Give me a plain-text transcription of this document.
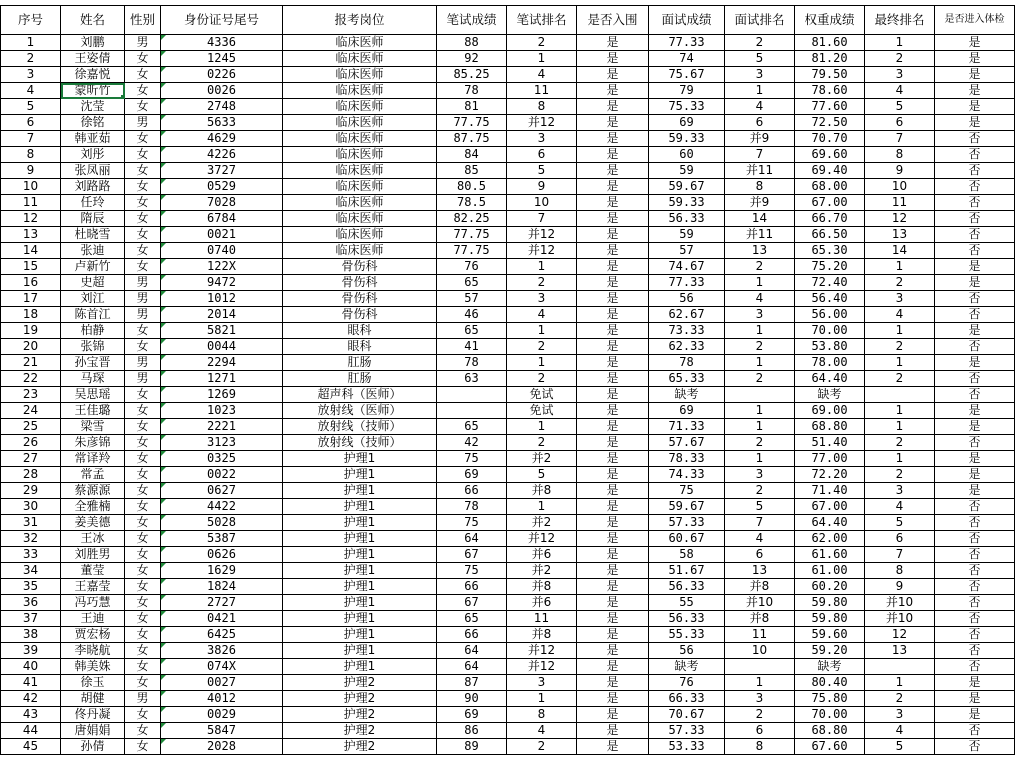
序号	姓名	性别	身份证号尾号	报考岗位	笔试成绩	笔试排名	是否入围	面试成绩	面试排名	权重成绩	最终排名	是否进入体检
1	刘鹏	男	4336	临床医师	88	2	是	77.33	2	81.60	1	是
2	王姿倩	女	1245	临床医师	92	1	是	74	5	81.20	2	是
3	徐嘉悦	女	0226	临床医师	85.25	4	是	75.67	3	79.50	3	是
4	蒙昕竹	女	0026	临床医师	78	11	是	79	1	78.60	4	是
5	沈莹	女	2748	临床医师	81	8	是	75.33	4	77.60	5	是
6	徐铭	男	5633	临床医师	77.75	并12	是	69	6	72.50	6	是
7	韩亚茹	女	4629	临床医师	87.75	3	是	59.33	并9	70.70	7	否
8	刘彤	女	4226	临床医师	84	6	是	60	7	69.60	8	否
9	张凤丽	女	3727	临床医师	85	5	是	59	并11	69.40	9	否
10	刘路路	女	0529	临床医师	80.5	9	是	59.67	8	68.00	10	否
11	任玲	女	7028	临床医师	78.5	10	是	59.33	并9	67.00	11	否
12	隋辰	女	6784	临床医师	82.25	7	是	56.33	14	66.70	12	否
13	杜晓雪	女	0021	临床医师	77.75	并12	是	59	并11	66.50	13	否
14	张迪	女	0740	临床医师	77.75	并12	是	57	13	65.30	14	否
15	卢新竹	女	122X	骨伤科	76	1	是	74.67	2	75.20	1	是
16	史超	男	9472	骨伤科	65	2	是	77.33	1	72.40	2	是
17	刘江	男	1012	骨伤科	57	3	是	56	4	56.40	3	否
18	陈首江	男	2014	骨伤科	46	4	是	62.67	3	56.00	4	否
19	柏静	女	5821	眼科	65	1	是	73.33	1	70.00	1	是
20	张锦	女	0044	眼科	41	2	是	62.33	2	53.80	2	否
21	孙宝晋	男	2294	肛肠	78	1	是	78	1	78.00	1	是
22	马琛	男	1271	肛肠	63	2	是	65.33	2	64.40	2	否
23	吴思瑶	女	1269	超声科（医师）		免试	是	缺考		缺考		否
24	王佳璐	女	1023	放射线（医师）		免试	是	69	1	69.00	1	是
25	梁雪	女	2221	放射线（技师）	65	1	是	71.33	1	68.80	1	是
26	朱彦锦	女	3123	放射线（技师）	42	2	是	57.67	2	51.40	2	否
27	常译羚	女	0325	护理1	75	并2	是	78.33	1	77.00	1	是
28	常孟	女	0022	护理1	69	5	是	74.33	3	72.20	2	是
29	蔡源源	女	0627	护理1	66	并8	是	75	2	71.40	3	是
30	全雅楠	女	4422	护理1	78	1	是	59.67	5	67.00	4	否
31	姜美德	女	5028	护理1	75	并2	是	57.33	7	64.40	5	否
32	王冰	女	5387	护理1	64	并12	是	60.67	4	62.00	6	否
33	刘胜男	女	0626	护理1	67	并6	是	58	6	61.60	7	否
34	董莹	女	1629	护理1	75	并2	是	51.67	13	61.00	8	否
35	王嘉莹	女	1824	护理1	66	并8	是	56.33	并8	60.20	9	否
36	冯巧慧	女	2727	护理1	67	并6	是	55	并10	59.80	并10	否
37	王迪	女	0421	护理1	65	11	是	56.33	并8	59.80	并10	否
38	贾宏杨	女	6425	护理1	66	并8	是	55.33	11	59.60	12	否
39	李晓航	女	3826	护理1	64	并12	是	56	10	59.20	13	否
40	韩美姝	女	074X	护理1	64	并12	是	缺考		缺考		否
41	徐玉	女	0027	护理2	87	3	是	76	1	80.40	1	是
42	胡健	男	4012	护理2	90	1	是	66.33	3	75.80	2	是
43	佟丹凝	女	0029	护理2	69	8	是	70.67	2	70.00	3	是
44	唐娟娟	女	5847	护理2	86	4	是	57.33	6	68.80	4	否
45	孙倩	女	2028	护理2	89	2	是	53.33	8	67.60	5	否
